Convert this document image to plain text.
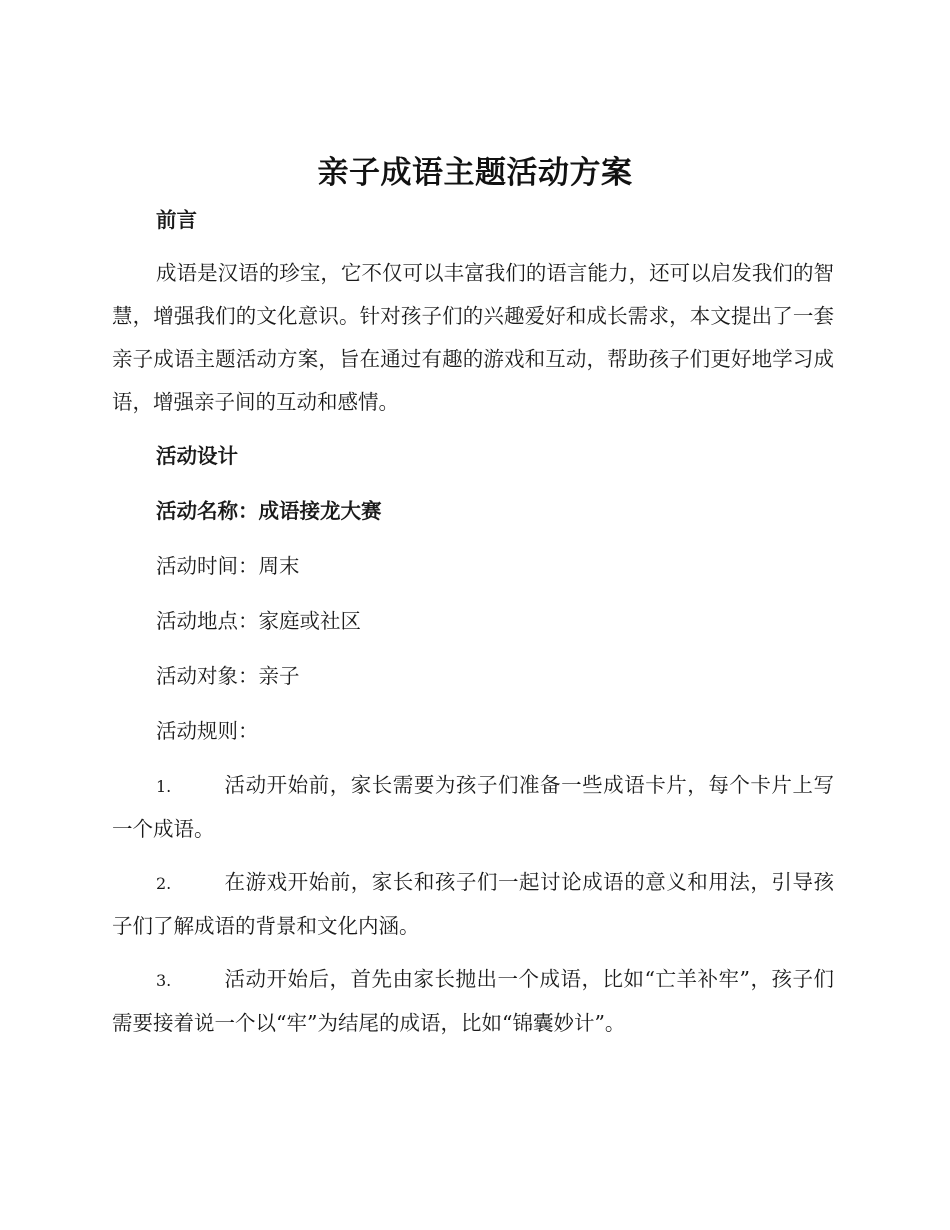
亲子成语主题活动方案
前言
成语是汉语的珍宝，它不仅可以丰富我们的语言能力，还可以启发我们的智慧，增强我们的文化意识。针对孩子们的兴趣爱好和成长需求，本文提出了一套亲子成语主题活动方案，旨在通过有趣的游戏和互动，帮助孩子们更好地学习成语，增强亲子间的互动和感情。
活动设计
活动名称：成语接龙大赛
活动时间：周末
活动地点：家庭或社区
活动对象：亲子
活动规则：
1.	活动开始前，家长需要为孩子们准备一些成语卡片，每个卡片上写一个成语。
2.	在游戏开始前，家长和孩子们一起讨论成语的意义和用法，引导孩子们了解成语的背景和文化内涵。
3.	活动开始后，首先由家长抛出一个成语，比如“亡羊补牢”，孩子们需要接着说一个以“牢”为结尾的成语，比如“锦囊妙计”。
